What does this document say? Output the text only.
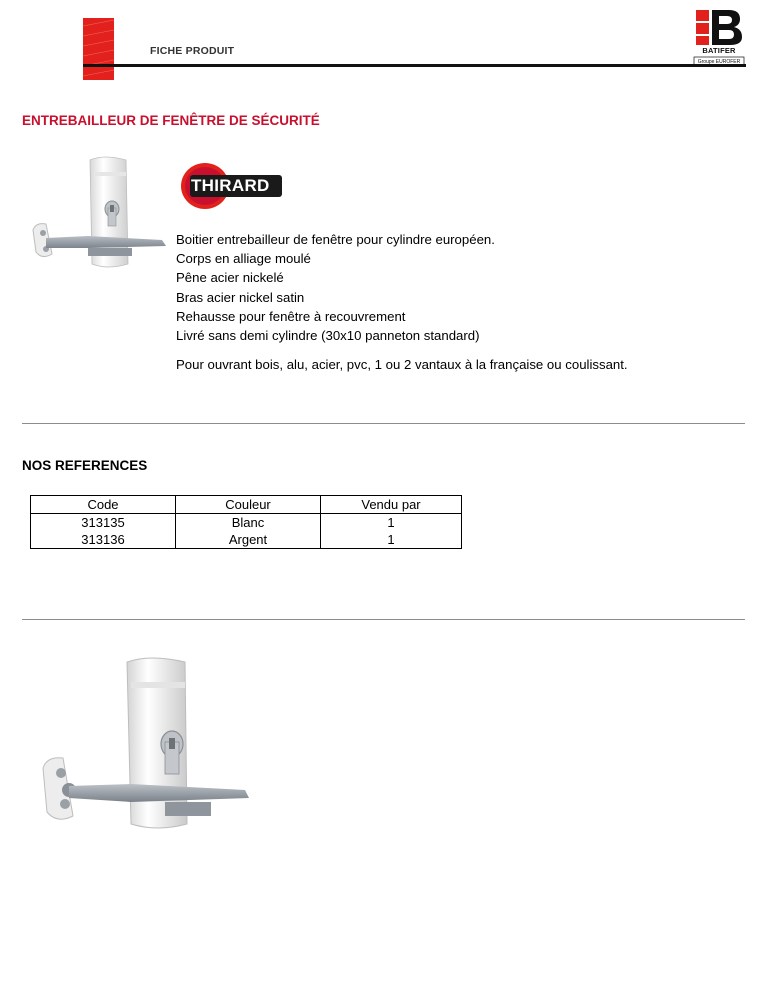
FICHE PRODUIT	BATIFER
Groupe EUROFER
ENTREBAILLEUR DE FENÊTRE DE SÉCURITÉ
THIRARD
Boitier entrebailleur de fenêtre pour cylindre européen.
Corps en alliage moulé
Pêne acier nickelé
Bras acier nickel satin
Rehausse pour fenêtre à recouvrement
Livré sans demi cylindre (30x10 panneton standard)

Pour ouvrant bois, alu, acier, pvc, 1 ou 2 vantaux à la française ou coulissant.

NOS REFERENCES
Code	Couleur	Vendu par
313135	Blanc	1
313136	Argent	1
